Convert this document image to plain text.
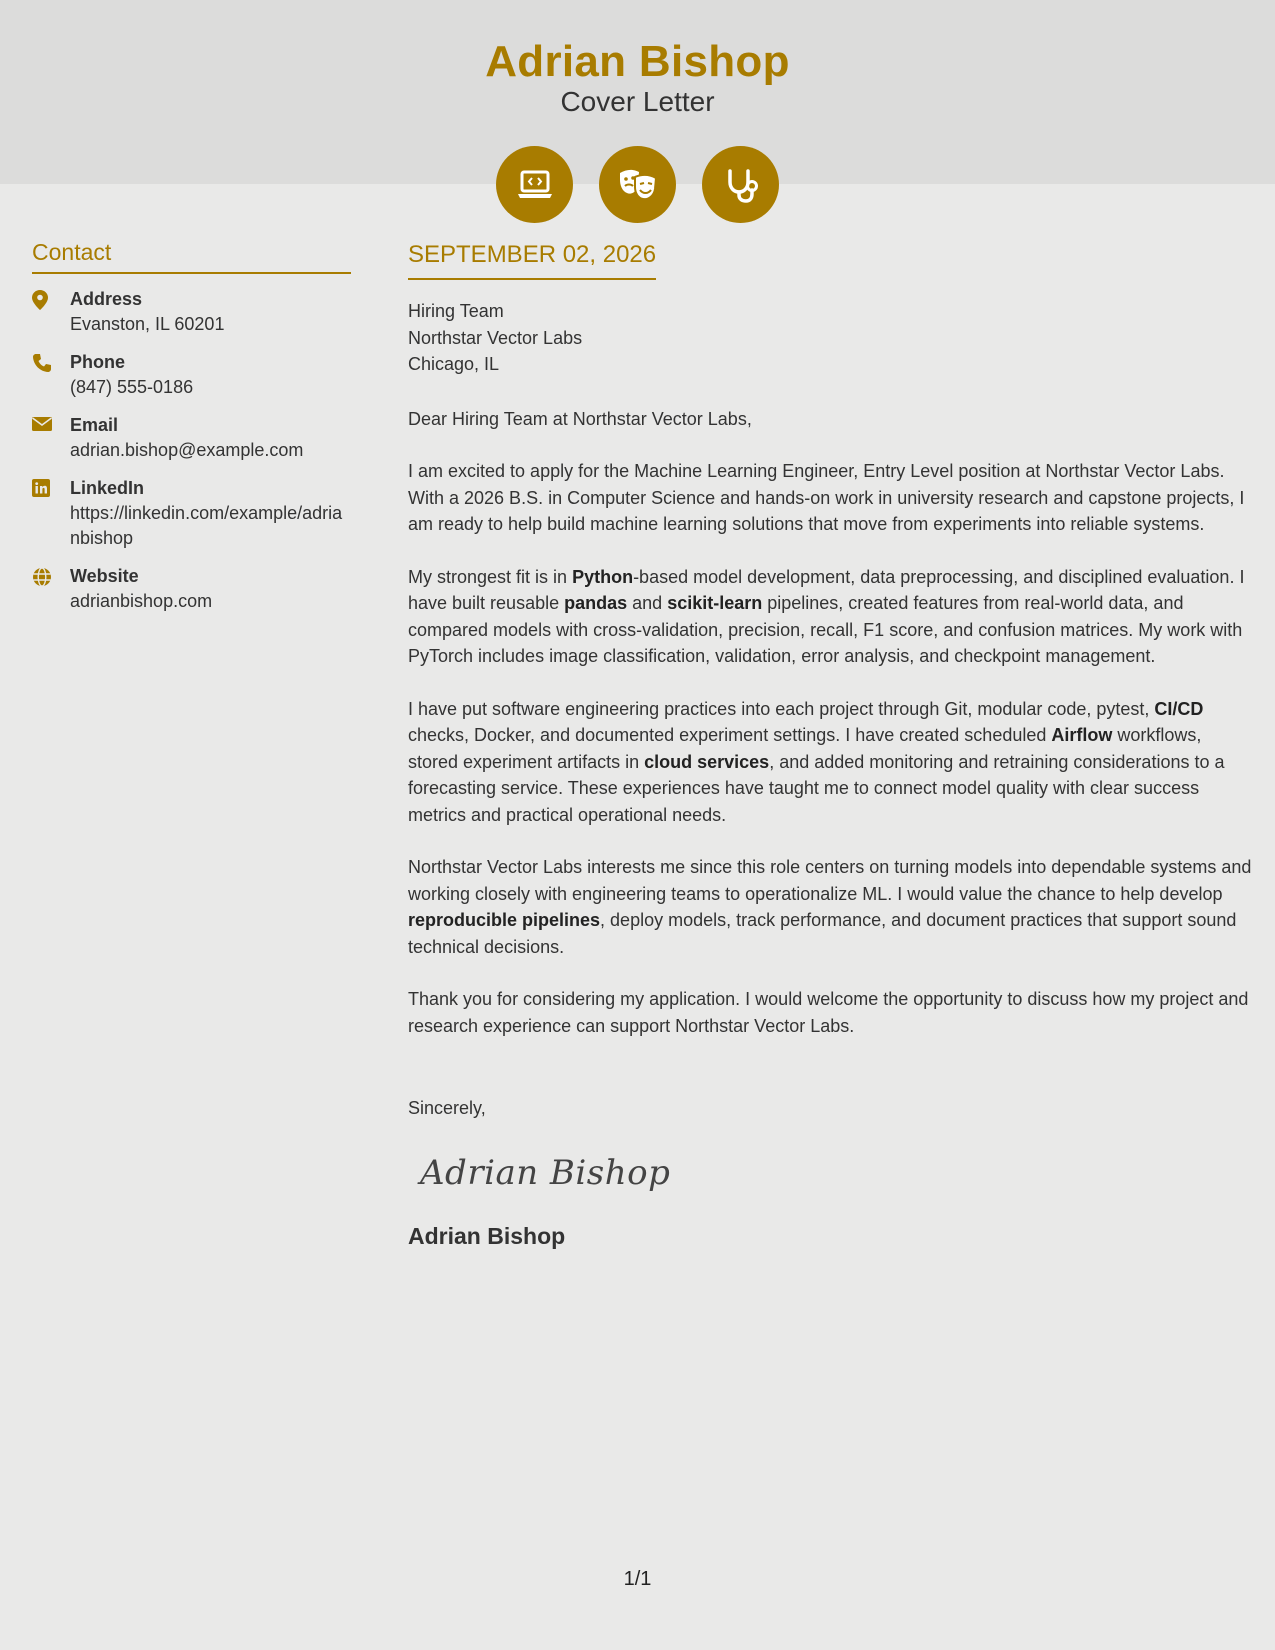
Adrian Bishop
Cover Letter
Contact
Address
Evanston, IL 60201
Phone
(847) 555-0186
Email
adrian.bishop@example.com
LinkedIn
https://linkedin.com/example/adrianbishop
Website
adrianbishop.com
SEPTEMBER 02, 2026
Hiring Team
Northstar Vector Labs
Chicago, IL

Dear Hiring Team at Northstar Vector Labs,

I am excited to apply for the Machine Learning Engineer, Entry Level position at Northstar Vector Labs. With a 2026 B.S. in Computer Science and hands-on work in university research and capstone projects, I am ready to help build machine learning solutions that move from experiments into reliable systems.

My strongest fit is in Python-based model development, data preprocessing, and disciplined evaluation. I have built reusable pandas and scikit-learn pipelines, created features from real-world data, and compared models with cross-validation, precision, recall, F1 score, and confusion matrices. My work with PyTorch includes image classification, validation, error analysis, and checkpoint management.

I have put software engineering practices into each project through Git, modular code, pytest, CI/CD checks, Docker, and documented experiment settings. I have created scheduled Airflow workflows, stored experiment artifacts in cloud services, and added monitoring and retraining considerations to a forecasting service. These experiences have taught me to connect model quality with clear success metrics and practical operational needs.

Northstar Vector Labs interests me since this role centers on turning models into dependable systems and working closely with engineering teams to operationalize ML. I would value the chance to help develop reproducible pipelines, deploy models, track performance, and document practices that support sound technical decisions.

Thank you for considering my application. I would welcome the opportunity to discuss how my project and research experience can support Northstar Vector Labs.

Sincerely,
Adrian Bishop
Adrian Bishop
1/1
